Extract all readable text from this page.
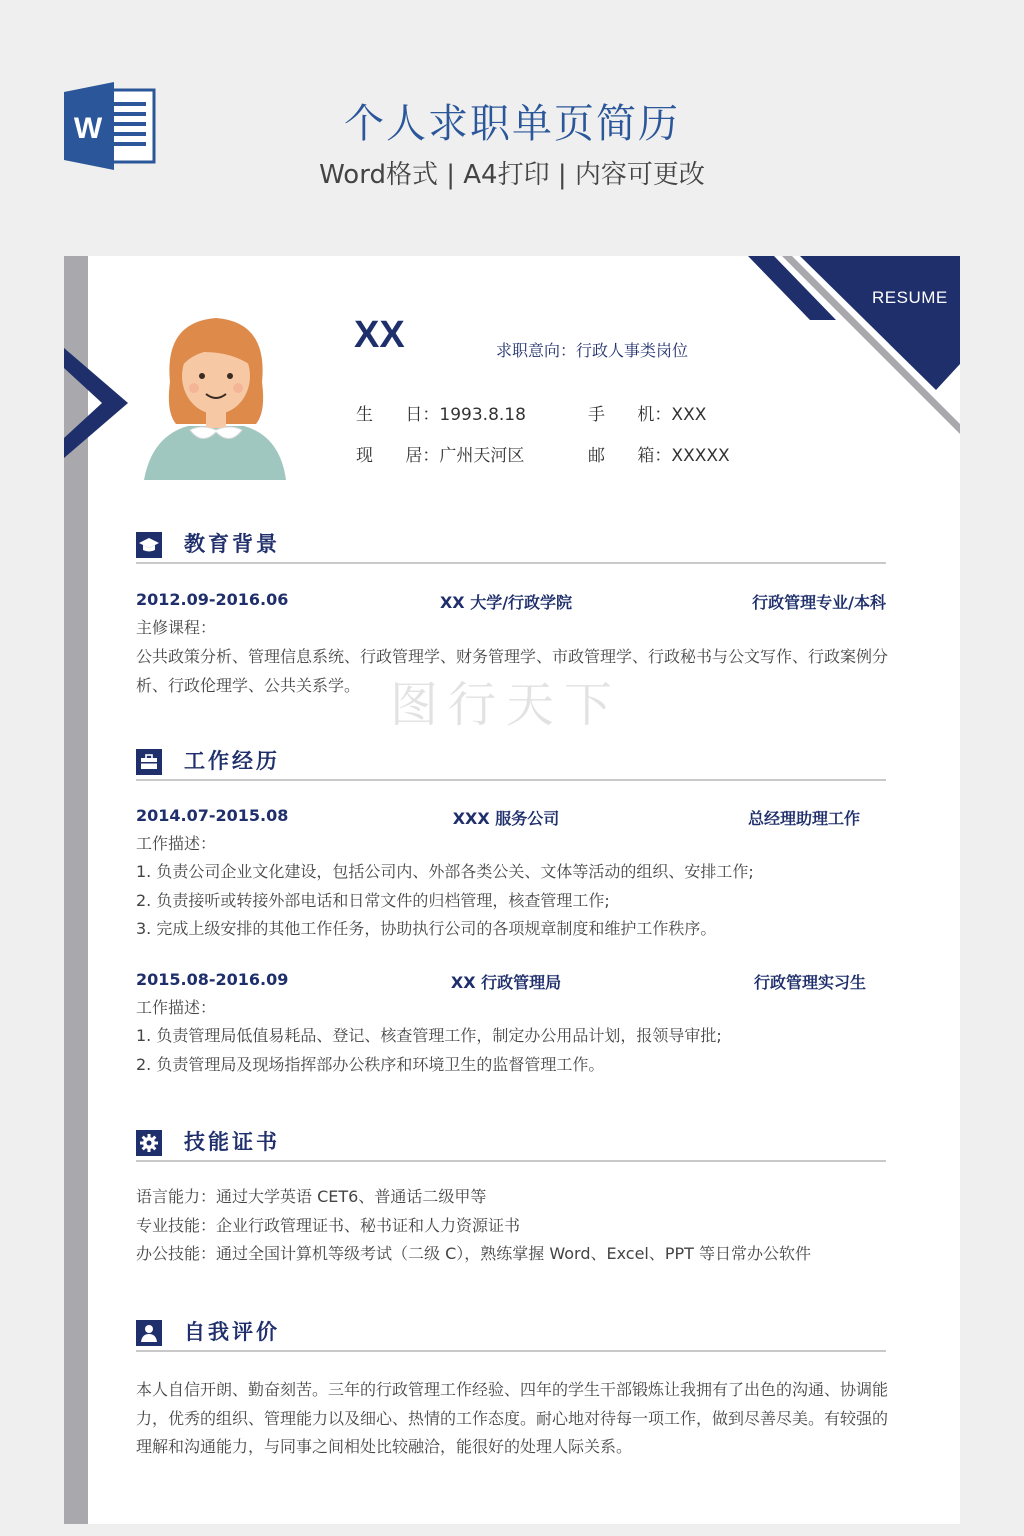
W	个人求职单页简历
Word格式 | A4打印 | 内容可更改
RESUME
XX	求职意向：行政人事类岗位
生      日：1993.8.18	手      机：XXX
现      居：广州天河区	邮      箱：XXXXX
图行天下
教育背景
2012.09-2016.06	XX 大学/行政学院	行政管理专业/本科
主修课程：
公共政策分析、管理信息系统、行政管理学、财务管理学、市政管理学、行政秘书与公文写作、行政案例分析、行政伦理学、公共关系学。
工作经历
2014.07-2015.08	XXX 服务公司	总经理助理工作
工作描述：
1. 负责公司企业文化建设，包括公司内、外部各类公关、文体等活动的组织、安排工作;
2. 负责接听或转接外部电话和日常文件的归档管理，核查管理工作;
3. 完成上级安排的其他工作任务，协助执行公司的各项规章制度和维护工作秩序。
2015.08-2016.09	XX 行政管理局	行政管理实习生
工作描述：
1. 负责管理局低值易耗品、登记、核查管理工作，制定办公用品计划，报领导审批;
2. 负责管理局及现场指挥部办公秩序和环境卫生的监督管理工作。
技能证书
语言能力：通过大学英语 CET6、普通话二级甲等
专业技能：企业行政管理证书、秘书证和人力资源证书
办公技能：通过全国计算机等级考试（二级 C），熟练掌握 Word、Excel、PPT 等日常办公软件
自我评价
本人自信开朗、勤奋刻苦。三年的行政管理工作经验、四年的学生干部锻炼让我拥有了出色的沟通、协调能力，优秀的组织、管理能力以及细心、热情的工作态度。耐心地对待每一项工作，做到尽善尽美。有较强的理解和沟通能力，与同事之间相处比较融洽，能很好的处理人际关系。
